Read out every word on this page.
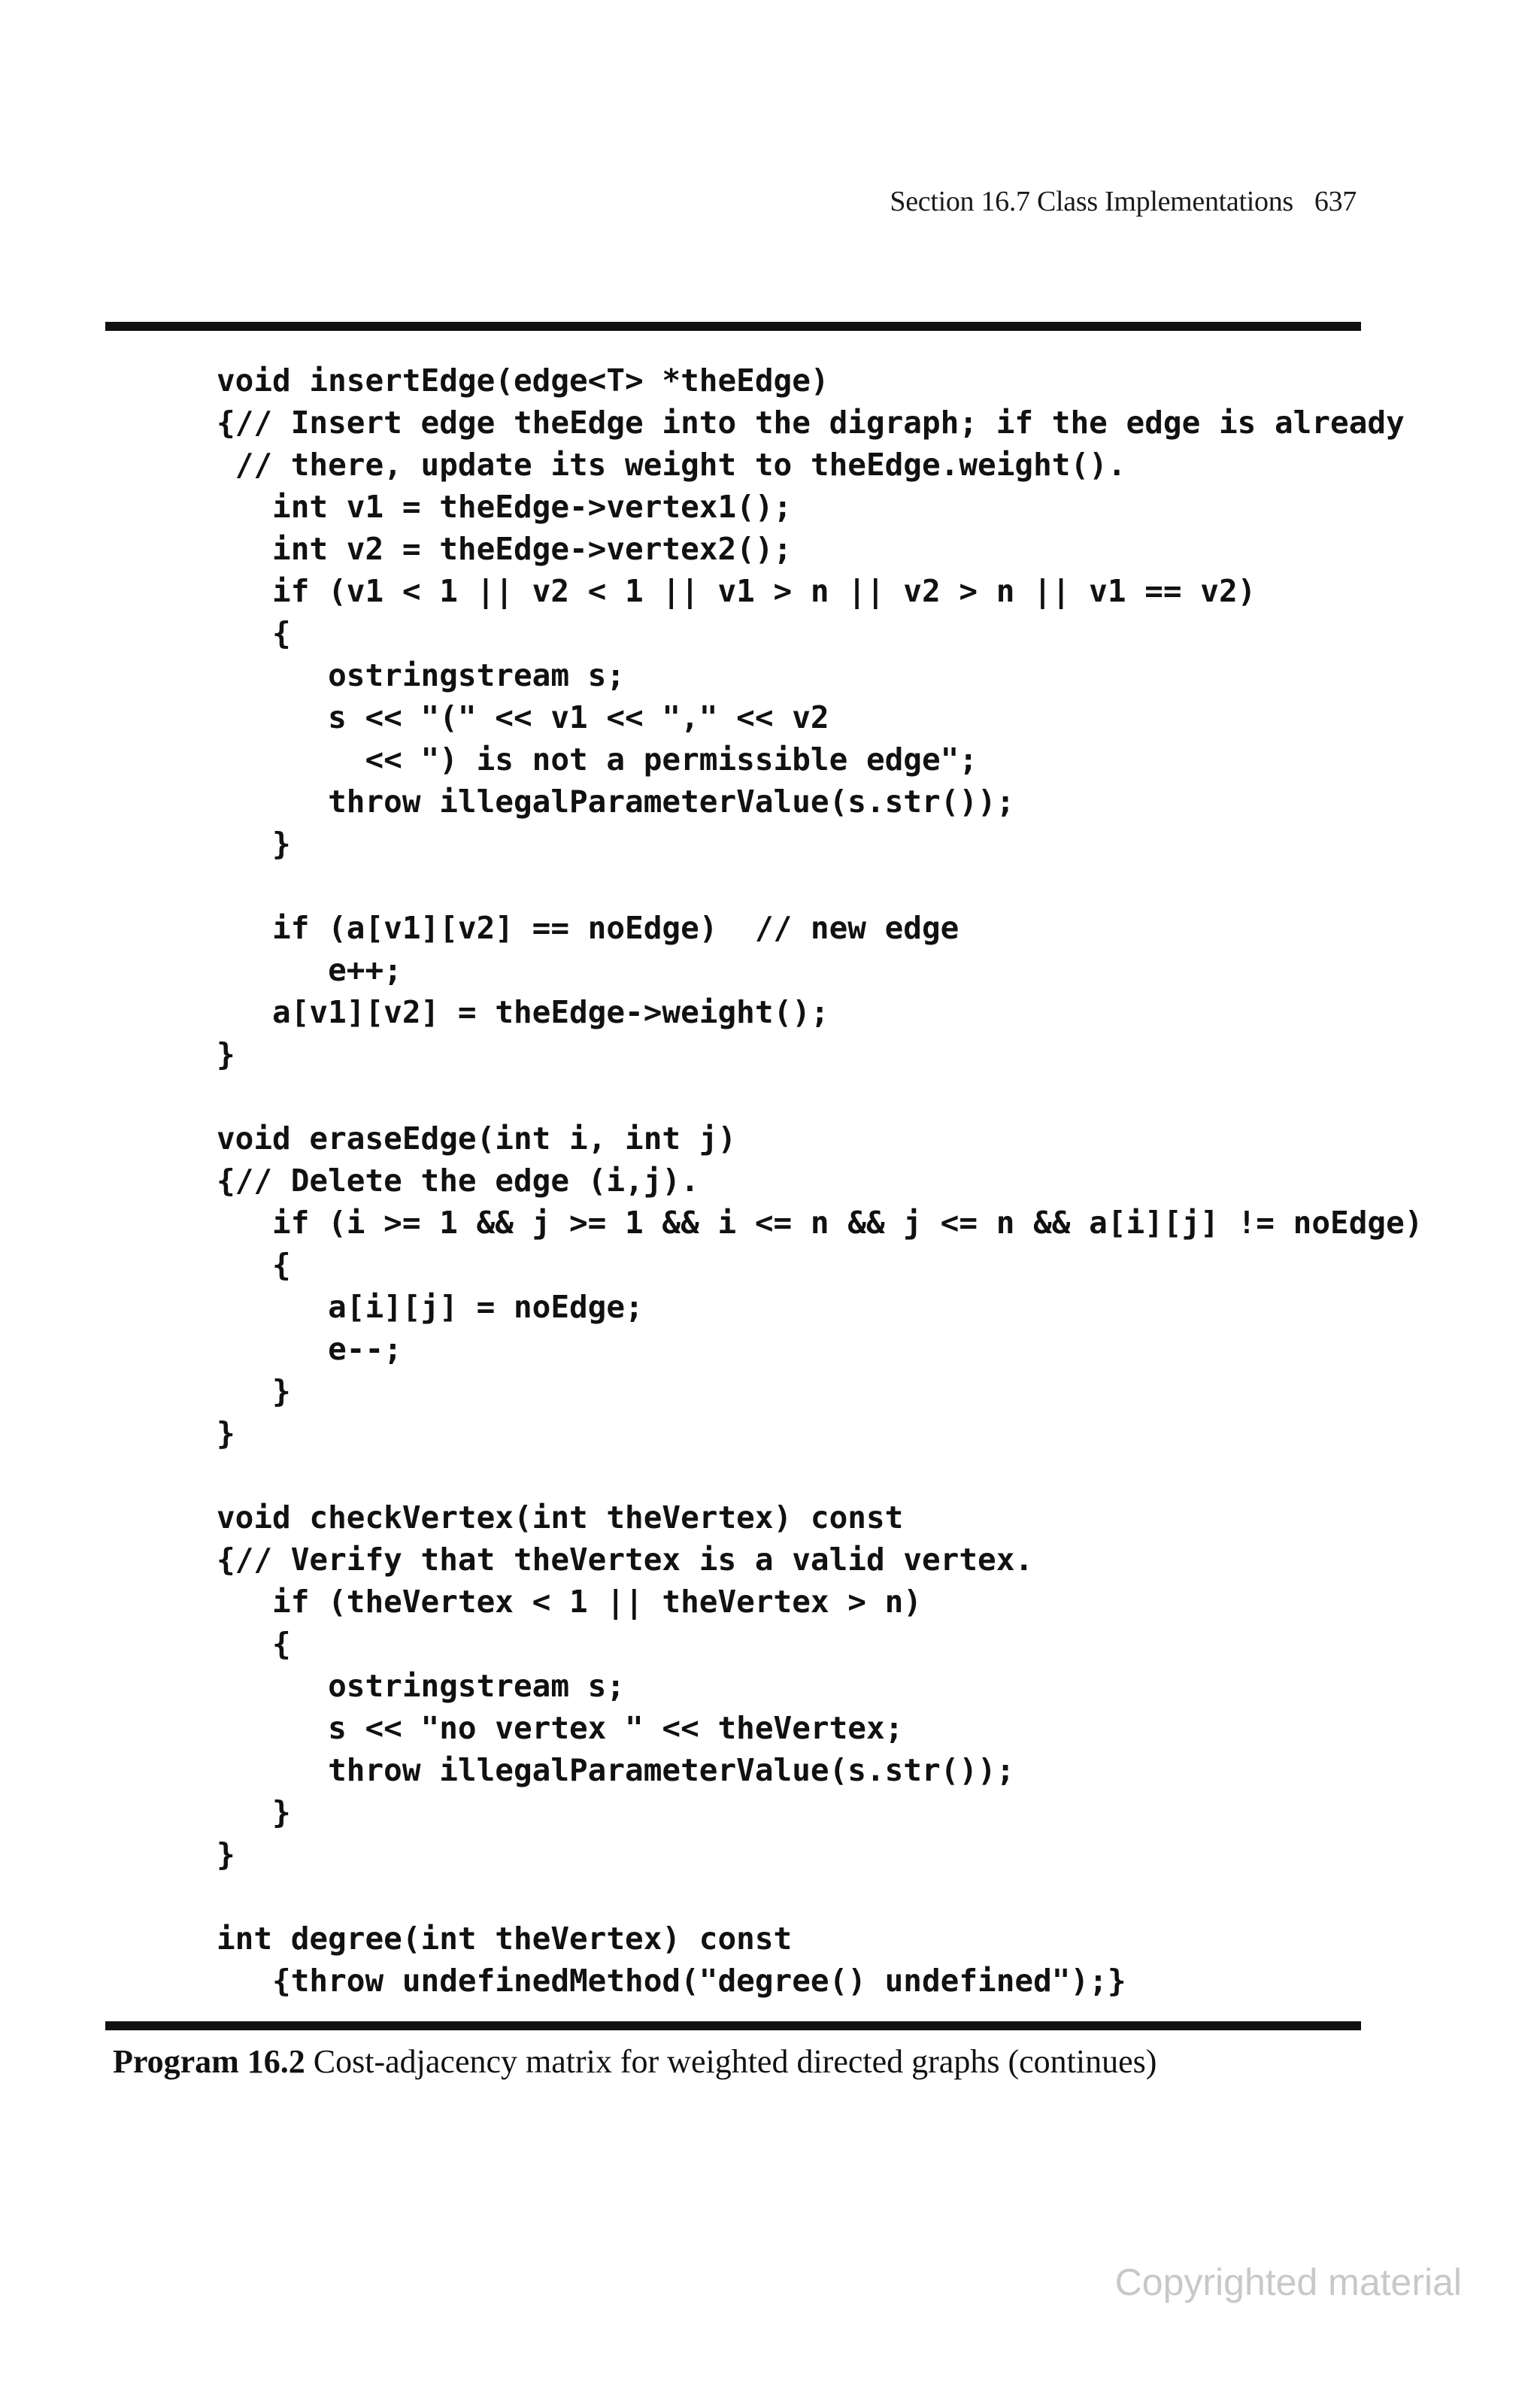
Section 16.7 Class Implementations 637
void insertEdge(edge<T> *theEdge)
{// Insert edge theEdge into the digraph; if the edge is already
// there, update its weight to theEdge.weight().
int v1 = theEdge->vertex1();
int v2 = theEdge->vertex2();
if (v1 < 1 || v2 < 1 || v1 > n || v2 > n || v1 == v2)
{
ostringstream s;
s << "(" << v1 << "," << v2
<< ") is not a permissible edge";
throw illegalParameterValue(s.str());
}
if (a[v1][v2] == noEdge)  // new edge
e++;
a[v1][v2] = theEdge->weight();
}
void eraseEdge(int i, int j)
{// Delete the edge (i,j).
if (i >= 1 && j >= 1 && i <= n && j <= n && a[i][j] != noEdge)
{
a[i][j] = noEdge;
e--;
}
}
void checkVertex(int theVertex) const
{// Verify that theVertex is a valid vertex.
if (theVertex < 1 || theVertex > n)
{
ostringstream s;
s << "no vertex " << theVertex;
throw illegalParameterValue(s.str());
}
}
int degree(int theVertex) const
{throw undefinedMethod("degree() undefined");}
Program 16.2 Cost-adjacency matrix for weighted directed graphs (continues)
Copyrighted material
